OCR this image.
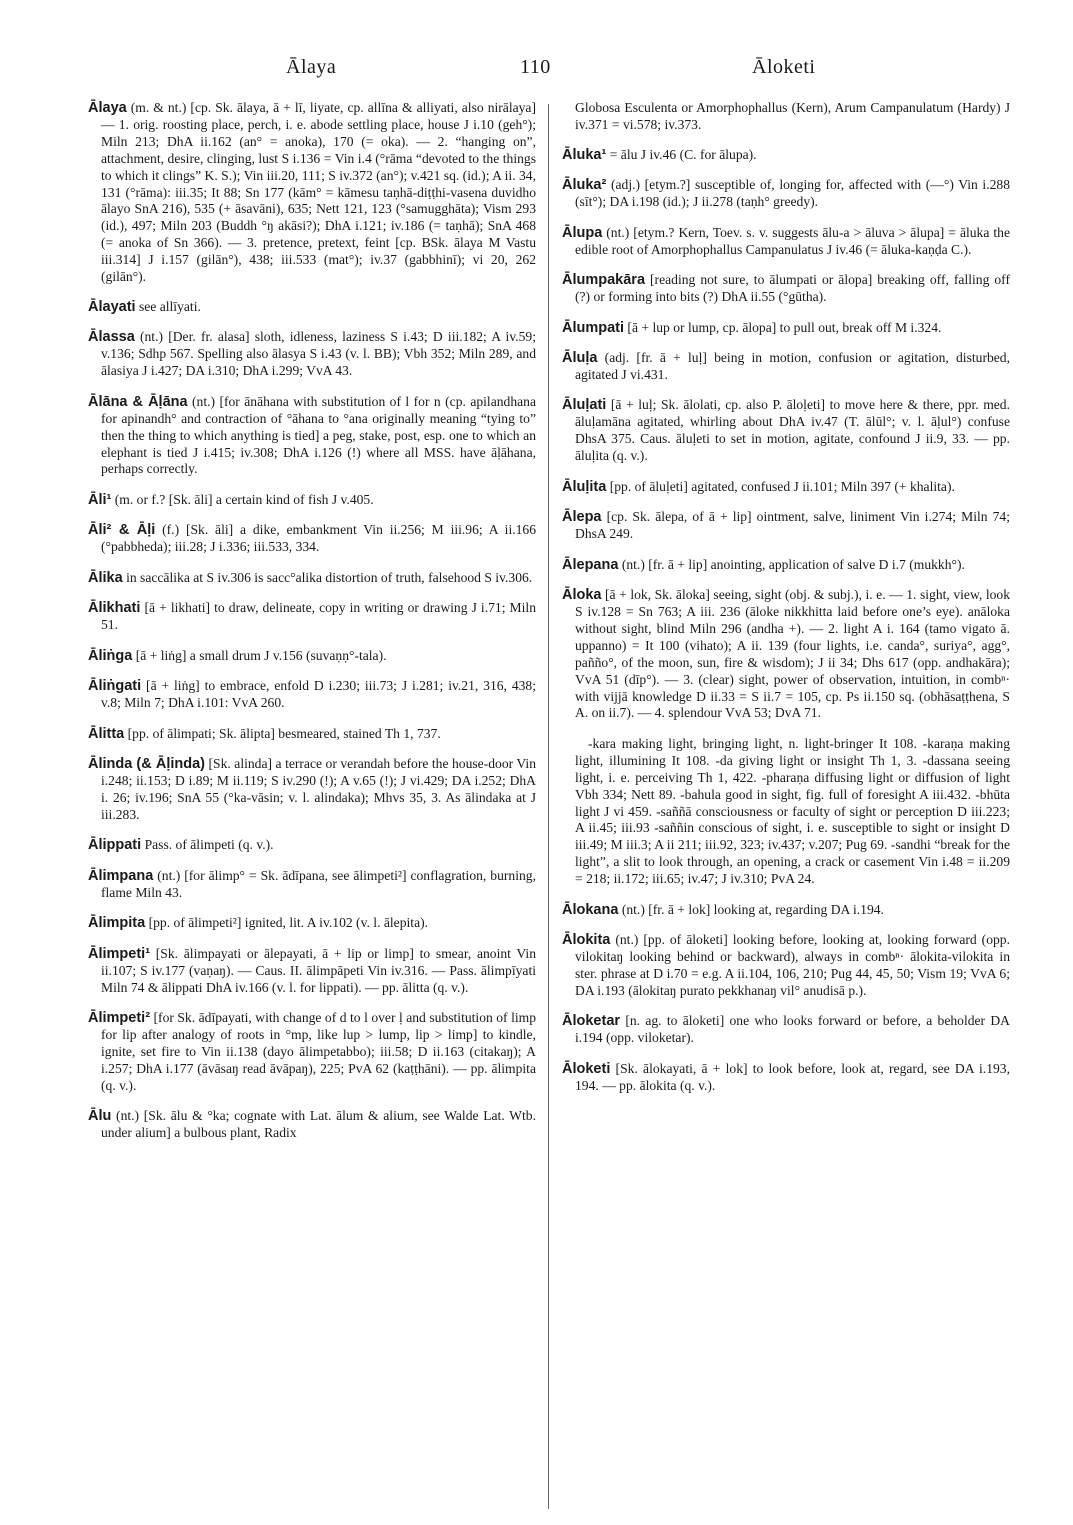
Ālaya	110	Āloketi

Ālaya (m. & nt.) [cp. Sk. ālaya, ā + lī, liyate, cp. allīna & alliyati, also nirālaya] — 1. orig. roosting place, perch, i. e. abode settling place, house J i.10 (geh°); Miln 213; DhA ii.162 (an° = anoka), 170 (= oka). — 2. “hanging on”, attachment, desire, clinging, lust S i.136 = Vin i.4 (°rāma “devoted to the things to which it clings” K. S.); Vin iii.20, 111; S iv.372 (an°); v.421 sq. (id.); A ii. 34, 131 (°rāma): iii.35; It 88; Sn 177 (kām° = kāmesu taṇhā-diṭṭhi-vasena duvidho ālayo SnA 216), 535 (+ āsavāni), 635; Nett 121, 123 (°samugghāta); Vism 293 (id.), 497; Miln 203 (Buddh °ŋ akāsi?); DhA i.121; iv.186 (= taṇhā); SnA 468 (= anoka of Sn 366). — 3. pretence, pretext, feint [cp. BSk. ālaya M Vastu iii.314] J i.157 (gilān°), 438; iii.533 (mat°); iv.37 (gabbhinī); vi 20, 262 (gilān°).

Ālayati see allīyati.

Ālassa (nt.) [Der. fr. alasa] sloth, idleness, laziness S i.43; D iii.182; A iv.59; v.136; Sdhp 567. Spelling also ālasya S i.43 (v. l. BB); Vbh 352; Miln 289, and ālasiya J i.427; DA i.310; DhA i.299; VvA 43.

Ālāna & Āḷāna (nt.) [for ānāhana with substitution of l for n (cp. apilandhana for apinandh° and contraction of °āhana to °ana originally meaning “tying to” then the thing to which anything is tied] a peg, stake, post, esp. one to which an elephant is tied J i.415; iv.308; DhA i.126 (!) where all MSS. have āḷāhana, perhaps correctly.

Āli¹ (m. or f.? [Sk. āli] a certain kind of fish J v.405.

Āli² & Āḷi (f.) [Sk. āli] a dike, embankment Vin ii.256; M iii.96; A ii.166 (°pabbheda); iii.28; J i.336; iii.533, 334.

Ālika in saccālika at S iv.306 is sacc°alika distortion of truth, falsehood S iv.306.

Ālikhati [ā + likhati] to draw, delineate, copy in writing or drawing J i.71; Miln 51.

Āliṅga [ā + liṅg] a small drum J v.156 (suvaṇṇ°-tala).

Āliṅgati [ā + liṅg] to embrace, enfold D i.230; iii.73; J i.281; iv.21, 316, 438; v.8; Miln 7; DhA i.101: VvA 260.

Ālitta [pp. of ālimpati; Sk. ālipta] besmeared, stained Th 1, 737.

Ālinda (& Āḷinda) [Sk. alinda] a terrace or verandah before the house-door Vin i.248; ii.153; D i.89; M ii.119; S iv.290 (!); A v.65 (!); J vi.429; DA i.252; DhA i. 26; iv.196; SnA 55 (°ka-vāsin; v. l. alindaka); Mhvs 35, 3. As ālindaka at J iii.283.

Ālippati Pass. of ālimpeti (q. v.).

Ālimpana (nt.) [for ālimp° = Sk. ādīpana, see ālimpeti²] conflagration, burning, flame Miln 43.

Ālimpita [pp. of ālimpeti²] ignited, lit. A iv.102 (v. l. ālepita).

Ālimpeti¹ [Sk. ālimpayati or ālepayati, ā + lip or limp] to smear, anoint Vin ii.107; S iv.177 (vaṇaŋ). — Caus. II. ālimpāpeti Vin iv.316. — Pass. ālimpīyati Miln 74 & ālippati DhA iv.166 (v. l. for lippati). — pp. ālitta (q. v.).

Ālimpeti² [for Sk. ādīpayati, with change of d to l over ḷ and substitution of limp for lip after analogy of roots in °mp, like lup > lump, lip > limp] to kindle, ignite, set fire to Vin ii.138 (dayo ālimpetabbo); iii.58; D ii.163 (citakaŋ); A i.257; DhA i.177 (āvāsaŋ read āvāpaŋ), 225; PvA 62 (kaṭṭhāni). — pp. ālimpita (q. v.).

Ālu (nt.) [Sk. ālu & °ka; cognate with Lat. ālum & alium, see Walde Lat. Wtb. under alium] a bulbous plant, Radix

Globosa Esculenta or Amorphophallus (Kern), Arum Campanulatum (Hardy) J iv.371 = vi.578; iv.373.

Āluka¹ = ālu J iv.46 (C. for ālupa).

Āluka² (adj.) [etym.?] susceptible of, longing for, affected with (—°) Vin i.288 (sīt°); DA i.198 (id.); J ii.278 (taṇh° greedy).

Ālupa (nt.) [etym.? Kern, Toev. s. v. suggests ālu-a > āluva > ālupa] = āluka the edible root of Amorphophallus Campanulatus J iv.46 (= āluka-kaṇḍa C.).

Ālumpakāra [reading not sure, to ālumpati or ālopa] breaking off, falling off (?) or forming into bits (?) DhA ii.55 (°gūtha).

Ālumpati [ā + lup or lump, cp. ālopa] to pull out, break off M i.324.

Āluḷa (adj. [fr. ā + luḷ] being in motion, confusion or agitation, disturbed, agitated J vi.431.

Āluḷati [ā + luḷ; Sk. ālolati, cp. also P. āloḷeti] to move here & there, ppr. med. āluḷamāna agitated, whirling about DhA iv.47 (T. ālūl°; v. l. āḷul°) confuse DhsA 375. Caus. āluḷeti to set in motion, agitate, confound J ii.9, 33. — pp. āluḷita (q. v.).

Āluḷita [pp. of āluḷeti] agitated, confused J ii.101; Miln 397 (+ khalita).

Ālepa [cp. Sk. ālepa, of ā + lip] ointment, salve, liniment Vin i.274; Miln 74; DhsA 249.

Ālepana (nt.) [fr. ā + lip] anointing, application of salve D i.7 (mukkh°).

Āloka [ā + lok, Sk. āloka] seeing, sight (obj. & subj.), i. e. — 1. sight, view, look S iv.128 = Sn 763; A iii. 236 (āloke nikkhitta laid before one’s eye). anāloka without sight, blind Miln 296 (andha +). — 2. light A i. 164 (tamo vigato ā. uppanno) = It 100 (vihato); A ii. 139 (four lights, i.e. canda°, suriya°, agg°, pañño°, of the moon, sun, fire & wisdom); J ii 34; Dhs 617 (opp. andhakāra); VvA 51 (dīp°). — 3. (clear) sight, power of observation, intuition, in combⁿ· with vijjā knowledge D ii.33 = S ii.7 = 105, cp. Ps ii.150 sq. (obhāsaṭṭhena, S A. on ii.7). — 4. splendour VvA 53; DvA 71.

-kara making light, bringing light, n. light-bringer It 108. -karaṇa making light, illumining It 108. -da giving light or insight Th 1, 3. -dassana seeing light, i. e. perceiving Th 1, 422. -pharaṇa diffusing light or diffusion of light Vbh 334; Nett 89. -bahula good in sight, fig. full of foresight A iii.432. -bhūta light J vi 459. -saññā consciousness or faculty of sight or perception D iii.223; A ii.45; iii.93 -saññin conscious of sight, i. e. susceptible to sight or insight D iii.49; M iii.3; A ii 211; iii.92, 323; iv.437; v.207; Pug 69. -sandhi “break for the light”, a slit to look through, an opening, a crack or casement Vin i.48 = ii.209 = 218; ii.172; iii.65; iv.47; J iv.310; PvA 24.

Ālokana (nt.) [fr. ā + lok] looking at, regarding DA i.194.

Ālokita (nt.) [pp. of āloketi] looking before, looking at, looking forward (opp. vilokitaŋ looking behind or backward), always in combⁿ· ālokita-vilokita in ster. phrase at D i.70 = e.g. A ii.104, 106, 210; Pug 44, 45, 50; Vism 19; VvA 6; DA i.193 (ālokitaŋ purato pekkhanaŋ vil° anudisā p.).

Āloketar [n. ag. to āloketi] one who looks forward or before, a beholder DA i.194 (opp. viloketar).

Āloketi [Sk. ālokayati, ā + lok] to look before, look at, regard, see DA i.193, 194. — pp. ālokita (q. v.).
